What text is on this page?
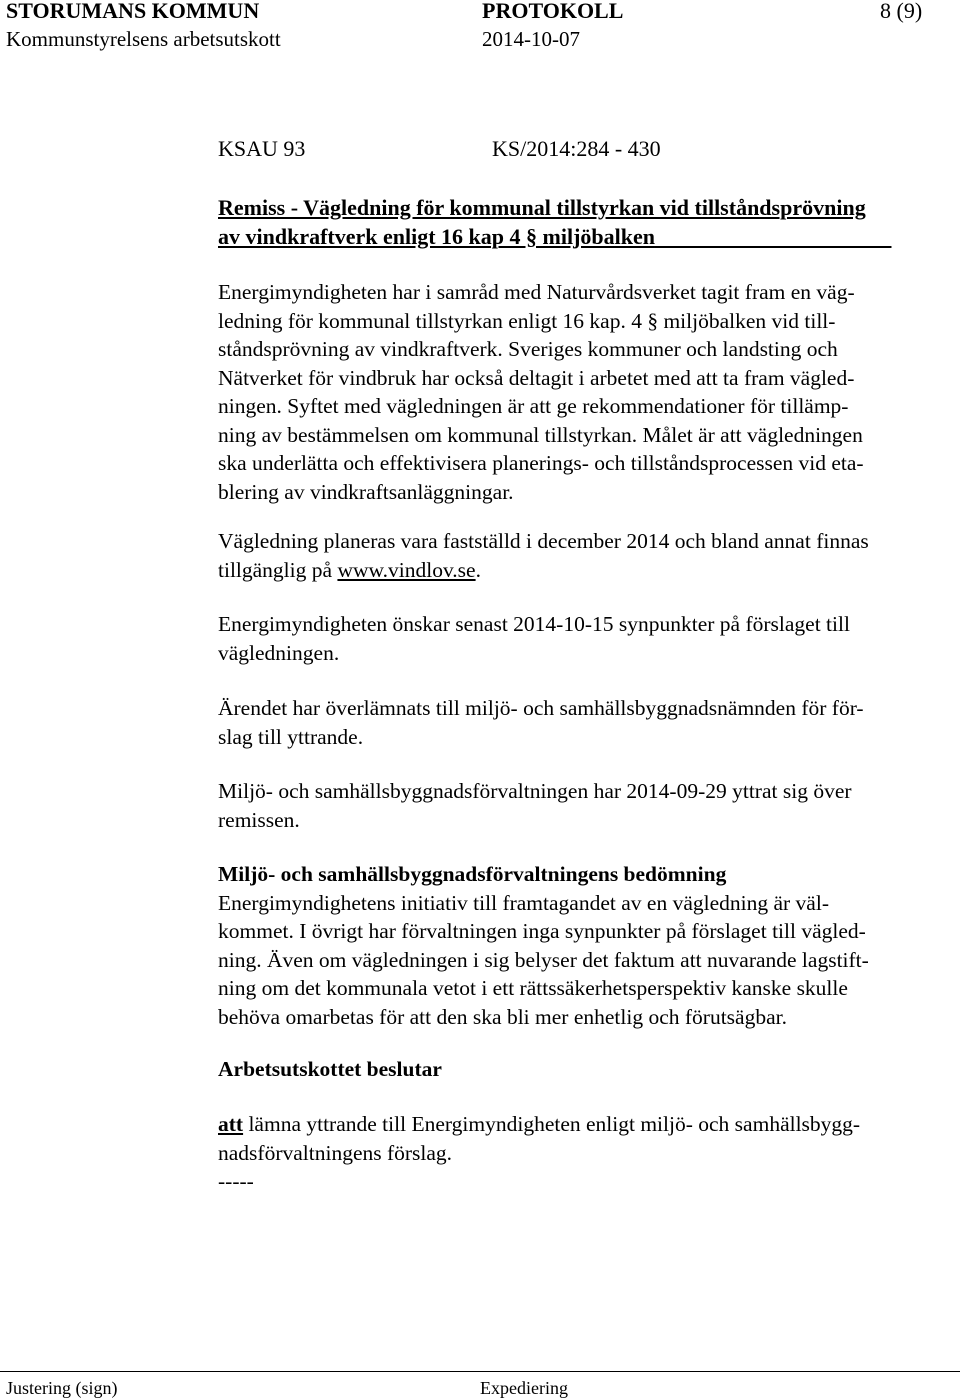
STORUMANS KOMMUN	PROTOKOLL	8 (9)
Kommunstyrelsens arbetsutskott	2014-10-07
KSAU 93	KS/2014:284 - 430
Remiss - Vägledning för kommunal tillstyrkan vid tillståndsprövning
av vindkraftverk enligt 16 kap 4 § miljöbalken
Energimyndigheten har i samråd med Naturvårdsverket tagit fram en väg-
ledning för kommunal tillstyrkan enligt 16 kap. 4 § miljöbalken vid till-
ståndsprövning av vindkraftverk. Sveriges kommuner och landsting och
Nätverket för vindbruk har också deltagit i arbetet med att ta fram vägled-
ningen. Syftet med vägledningen är att ge rekommendationer för tillämp-
ning av bestämmelsen om kommunal tillstyrkan. Målet är att vägledningen
ska underlätta och effektivisera planerings- och tillståndsprocessen vid eta-
blering av vindkraftsanläggningar.
Vägledning planeras vara fastställd i december 2014 och bland annat finnas
tillgänglig på www.vindlov.se.
Energimyndigheten önskar senast 2014-10-15 synpunkter på förslaget till
vägledningen.
Ärendet har överlämnats till miljö- och samhällsbyggnadsnämnden för för-
slag till yttrande.
Miljö- och samhällsbyggnadsförvaltningen har 2014-09-29 yttrat sig över
remissen.
Miljö- och samhällsbyggnadsförvaltningens bedömning
Energimyndighetens initiativ till framtagandet av en vägledning är väl-
kommet. I övrigt har förvaltningen inga synpunkter på förslaget till vägled-
ning. Även om vägledningen i sig belyser det faktum att nuvarande lagstift-
ning om det kommunala vetot i ett rättssäkerhetsperspektiv kanske skulle
behöva omarbetas för att den ska bli mer enhetlig och förutsägbar.
Arbetsutskottet beslutar
att lämna yttrande till Energimyndigheten enligt miljö- och samhällsbygg-
nadsförvaltningens förslag.
-----
Justering (sign)	Expediering
